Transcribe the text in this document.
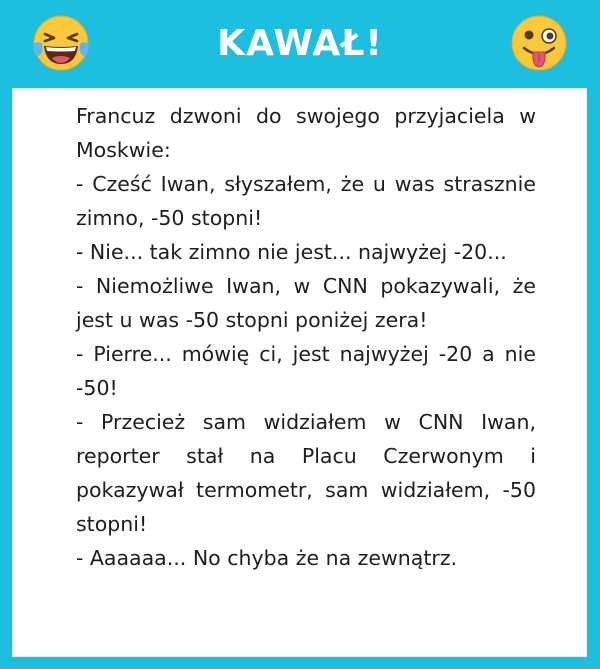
KAWAŁ!
Francuz dzwoni do swojego przyjaciela w Moskwie:
- Cześć Iwan, słyszałem, że u was strasznie zimno, -50 stopni!
- Nie... tak zimno nie jest... najwyżej -20...
- Niemożliwe Iwan, w CNN pokazywali, że jest u was -50 stopni poniżej zera!
- Pierre... mówię ci, jest najwyżej -20 a nie -50!
- Przecież sam widziałem w CNN Iwan, reporter stał na Placu Czerwonym i pokazywał termometr, sam widziałem, -50 stopni!
- Aaaaaa... No chyba że na zewnątrz.
